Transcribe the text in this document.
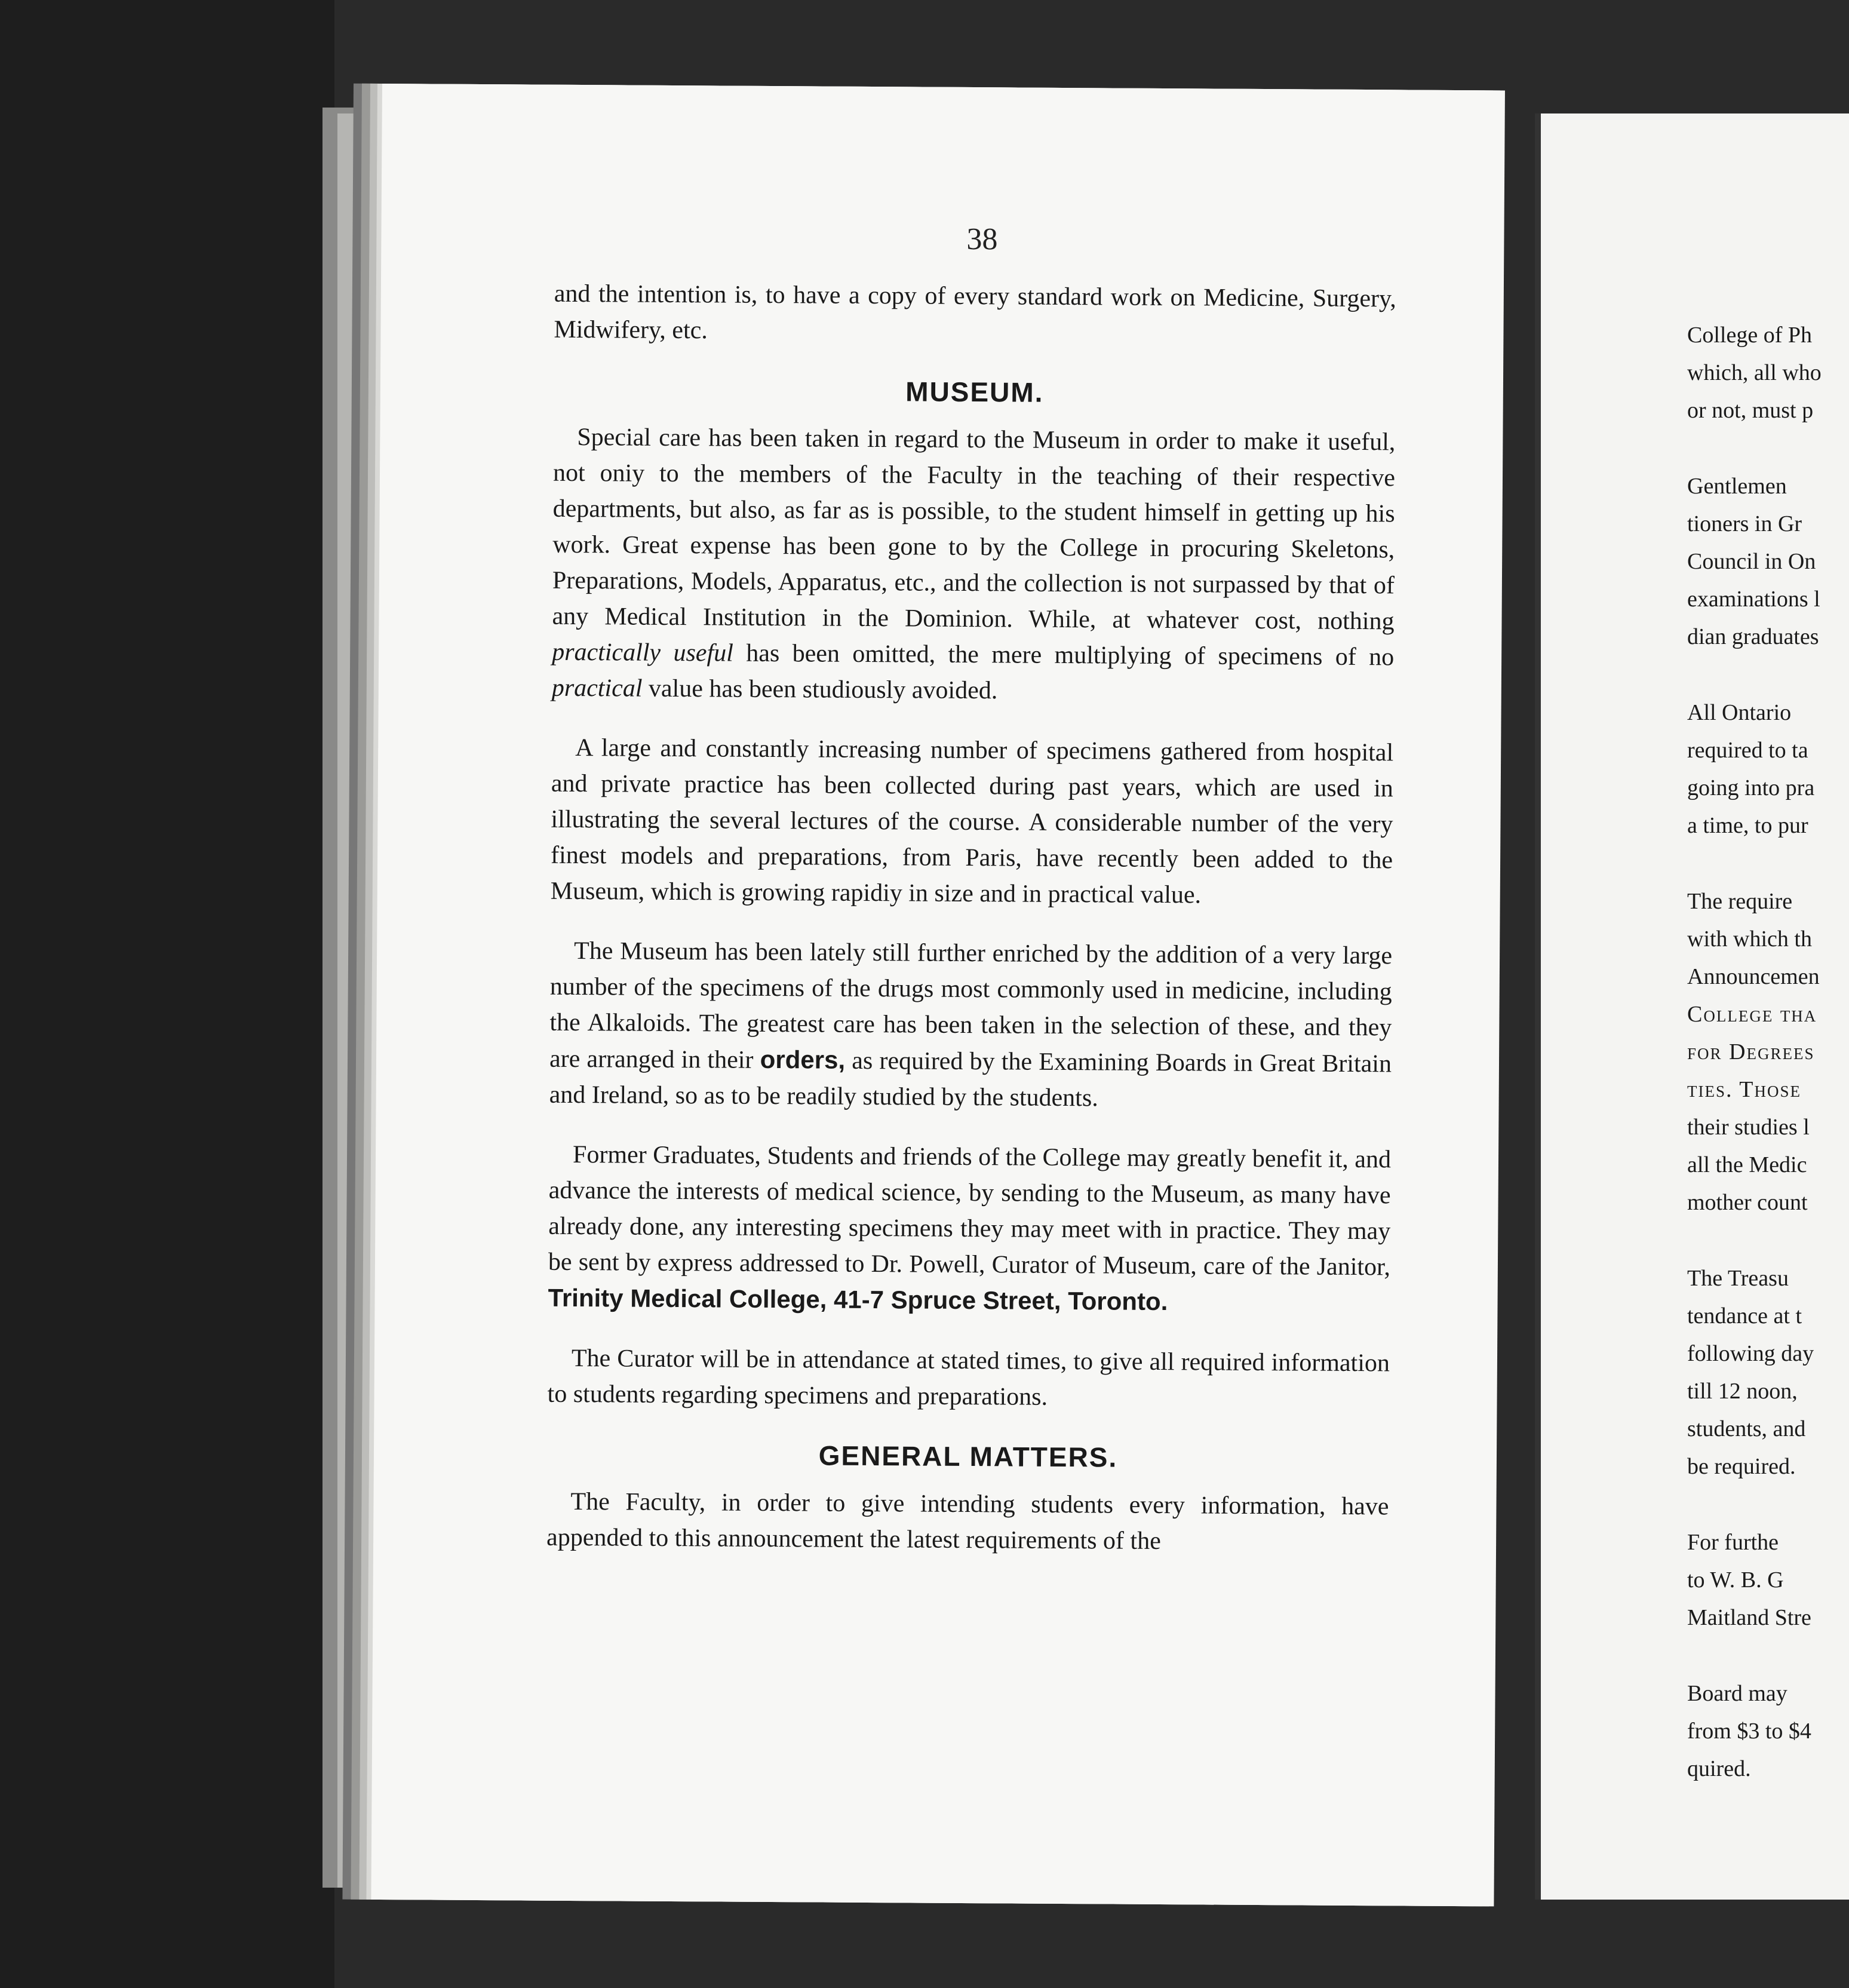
38

and the intention is, to have a copy of every standard work on Medicine, Surgery, Midwifery, etc.

MUSEUM.

Special care has been taken in regard to the Museum in order to make it useful, not oniy to the members of the Faculty in the teaching of their respective departments, but also, as far as is possible, to the student himself in getting up his work. Great expense has been gone to by the College in procuring Skeletons, Preparations, Models, Apparatus, etc., and the collection is not surpassed by that of any Medical Institution in the Dominion. While, at whatever cost, nothing practically useful has been omitted, the mere multiplying of specimens of no practical value has been studiously avoided.

A large and constantly increasing number of specimens gathered from hospital and private practice has been collected during past years, which are used in illustrating the several lectures of the course. A considerable number of the very finest models and preparations, from Paris, have recently been added to the Museum, which is growing rapidiy in size and in practical value.

The Museum has been lately still further enriched by the addition of a very large number of the specimens of the drugs most commonly used in medicine, including the Alkaloids. The greatest care has been taken in the selection of these, and they are arranged in their orders, as required by the Examining Boards in Great Britain and Ireland, so as to be readily studied by the students.

Former Graduates, Students and friends of the College may greatly benefit it, and advance the interests of medical science, by sending to the Museum, as many have already done, any interesting specimens they may meet with in practice. They may be sent by express addressed to Dr. Powell, Curator of Museum, care of the Janitor, Trinity Medical College, 41-7 Spruce Street, Toronto.

The Curator will be in attendance at stated times, to give all required information to students regarding specimens and preparations.

GENERAL MATTERS.

The Faculty, in order to give intending students every information, have appended to this announcement the latest requirements of the

College of Ph
which, all who
or not, must p
Gentlemen
tioners in Gr
Council in On
examinations l
dian graduates
All Ontario
required to ta
going into pra
a time, to pur
The require
with which th
Announcemen
College tha
for Degrees
ties. Those
their studies l
all the Medic
mother count
The Treasu
tendance at t
following day
till 12 noon,
students, and
be required.
For furthe
to W. B. G
Maitland Stre
Board may
from $3 to $4
quired.
